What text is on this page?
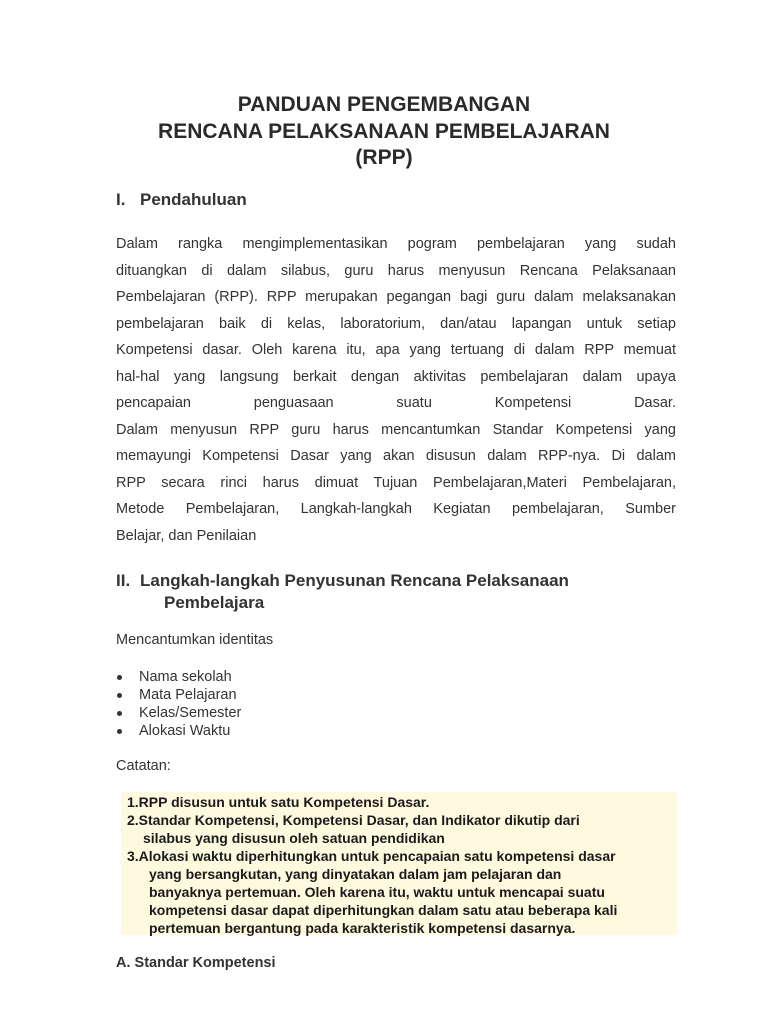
PANDUAN PENGEMBANGAN
RENCANA PELAKSANAAN PEMBELAJARAN
(RPP)
I. Pendahuluan
Dalam rangka mengimplementasikan pogram pembelajaran yang sudah
dituangkan di dalam silabus, guru harus menyusun Rencana Pelaksanaan
Pembelajaran (RPP). RPP merupakan pegangan bagi guru dalam melaksanakan
pembelajaran baik di kelas, laboratorium, dan/atau lapangan untuk setiap
Kompetensi dasar. Oleh karena itu, apa yang tertuang di dalam RPP memuat
hal-hal yang langsung berkait dengan aktivitas pembelajaran dalam upaya
pencapaian penguasaan suatu Kompetensi Dasar.
Dalam menyusun RPP guru harus mencantumkan Standar Kompetensi yang
memayungi Kompetensi Dasar yang akan disusun dalam RPP-nya. Di dalam
RPP secara rinci harus dimuat Tujuan Pembelajaran,Materi Pembelajaran,
Metode Pembelajaran, Langkah-langkah Kegiatan pembelajaran, Sumber
Belajar, dan Penilaian
II. Langkah-langkah Penyusunan Rencana Pelaksanaan
Pembelajara
Mencantumkan identitas
Nama sekolah
Mata Pelajaran
Kelas/Semester
Alokasi Waktu
Catatan:
1.RPP disusun untuk satu Kompetensi Dasar.
2.Standar Kompetensi, Kompetensi Dasar, dan Indikator dikutip dari
silabus yang disusun oleh satuan pendidikan
3.Alokasi waktu diperhitungkan untuk pencapaian satu kompetensi dasar
yang bersangkutan, yang dinyatakan dalam jam pelajaran dan
banyaknya pertemuan. Oleh karena itu, waktu untuk mencapai suatu
kompetensi dasar dapat diperhitungkan dalam satu atau beberapa kali
pertemuan bergantung pada karakteristik kompetensi dasarnya.
A. Standar Kompetensi
